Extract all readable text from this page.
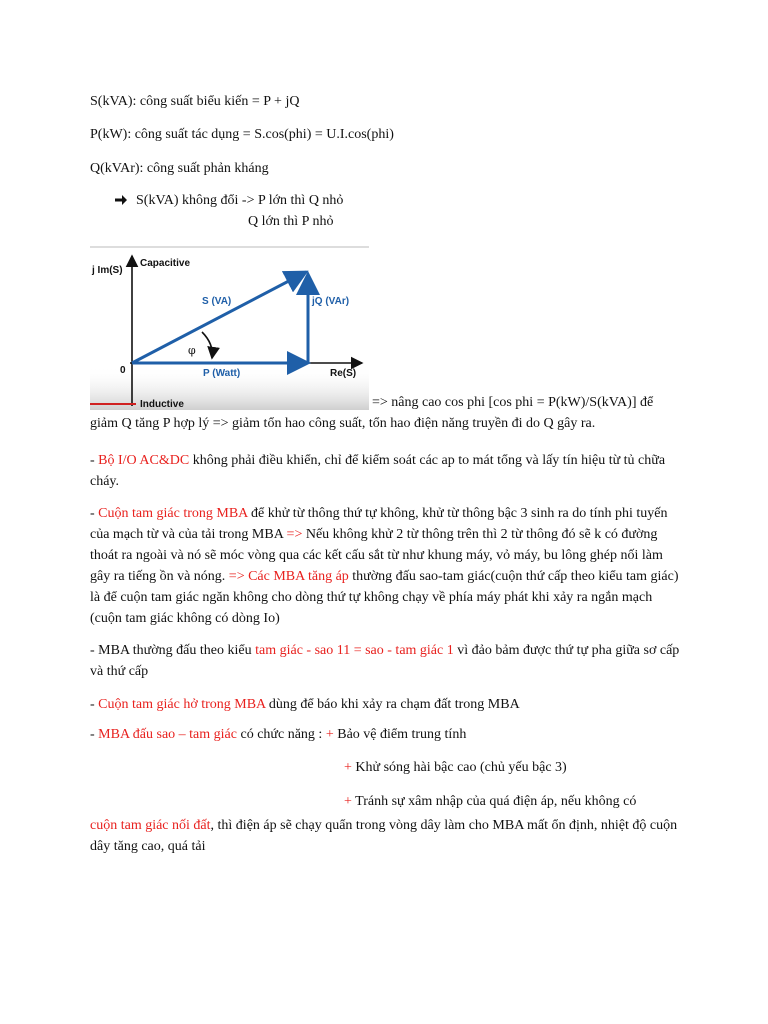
S(kVA): công suất biểu kiến = P + jQ
P(kW): công suất tác dụng = S.cos(phi) = U.I.cos(phi)
Q(kVAr): công suất phản kháng
S(kVA) không đổi -> P lớn thì Q nhỏ
Q lớn thì P nhỏ
j Im(S)
Capacitive
S (VA)	jQ (VAr)
φ
0	P (Watt)	Re(S)
Inductive	=> nâng cao cos phi [cos phi = P(kW)/S(kVA)] để
giảm Q tăng P hợp lý => giảm tổn hao công suất, tổn hao điện năng truyền đi do Q gây ra.
- Bộ I/O AC&DC không phải điều khiển, chỉ để kiểm soát các ap to mát tổng và lấy tín hiệu từ tủ chữa cháy.
- Cuộn tam giác trong MBA để khử từ thông thứ tự không, khử từ thông bậc 3 sinh ra do tính phi tuyến của mạch từ và của tải trong MBA => Nếu không khử 2 từ thông trên thì 2 từ thông đó sẽ k có đường thoát ra ngoài và nó sẽ móc vòng qua các kết cấu sắt từ như khung máy, vỏ máy, bu lông ghép nối làm gây ra tiếng ồn và nóng. => Các MBA tăng áp thường đấu sao-tam giác(cuộn thứ cấp theo kiểu tam giác) là để cuộn tam giác ngăn không cho dòng thứ tự không chạy về phía máy phát khi xảy ra ngắn mạch (cuộn tam giác không có dòng Io)
- MBA thường đấu theo kiểu tam giác - sao 11 = sao - tam giác 1 vì đảo bảm được thứ tự pha giữa sơ cấp và thứ cấp
- Cuộn tam giác hở trong MBA dùng để báo khi xảy ra chạm đất trong MBA
- MBA đấu sao – tam giác có chức năng : + Bảo vệ điểm trung tính
+ Khử sóng hài bậc cao (chủ yếu bậc 3)
+ Tránh sự xâm nhập của quá điện áp, nếu không có
cuộn tam giác nối đất, thì điện áp sẽ chạy quẩn trong vòng dây làm cho MBA mất ổn định, nhiệt độ cuộn dây tăng cao, quá tải
